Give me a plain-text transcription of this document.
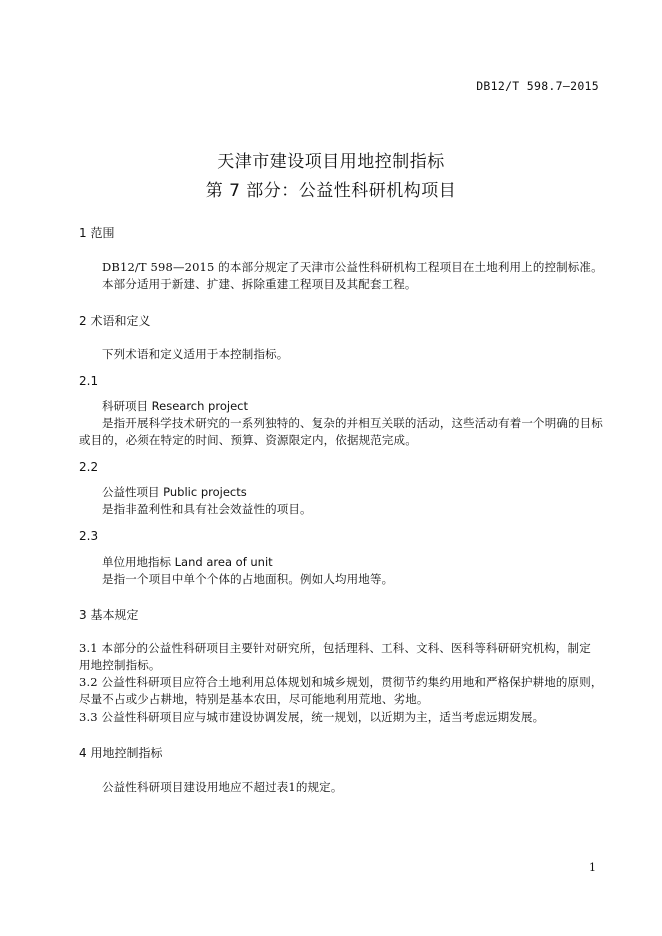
DB12/T 598.7—2015
天津市建设项目用地控制指标
第 7 部分：公益性科研机构项目
1 范围
DB12/T 598—2015 的本部分规定了天津市公益性科研机构工程项目在土地利用上的控制标准。
本部分适用于新建、扩建、拆除重建工程项目及其配套工程。
2 术语和定义
下列术语和定义适用于本控制指标。
2.1
科研项目 Research project
是指开展科学技术研究的一系列独特的、复杂的并相互关联的活动，这些活动有着一个明确的目标
或目的，必须在特定的时间、预算、资源限定内，依据规范完成。
2.2
公益性项目 Public projects
是指非盈利性和具有社会效益性的项目。
2.3
单位用地指标 Land area of unit
是指一个项目中单个个体的占地面积。例如人均用地等。
3 基本规定
3.1 本部分的公益性科研项目主要针对研究所，包括理科、工科、文科、医科等科研研究机构，制定
用地控制指标。
3.2 公益性科研项目应符合土地利用总体规划和城乡规划，贯彻节约集约用地和严格保护耕地的原则，
尽量不占或少占耕地，特别是基本农田，尽可能地利用荒地、劣地。
3.3 公益性科研项目应与城市建设协调发展，统一规划，以近期为主，适当考虑远期发展。
4 用地控制指标
公益性科研项目建设用地应不超过表1的规定。
1
